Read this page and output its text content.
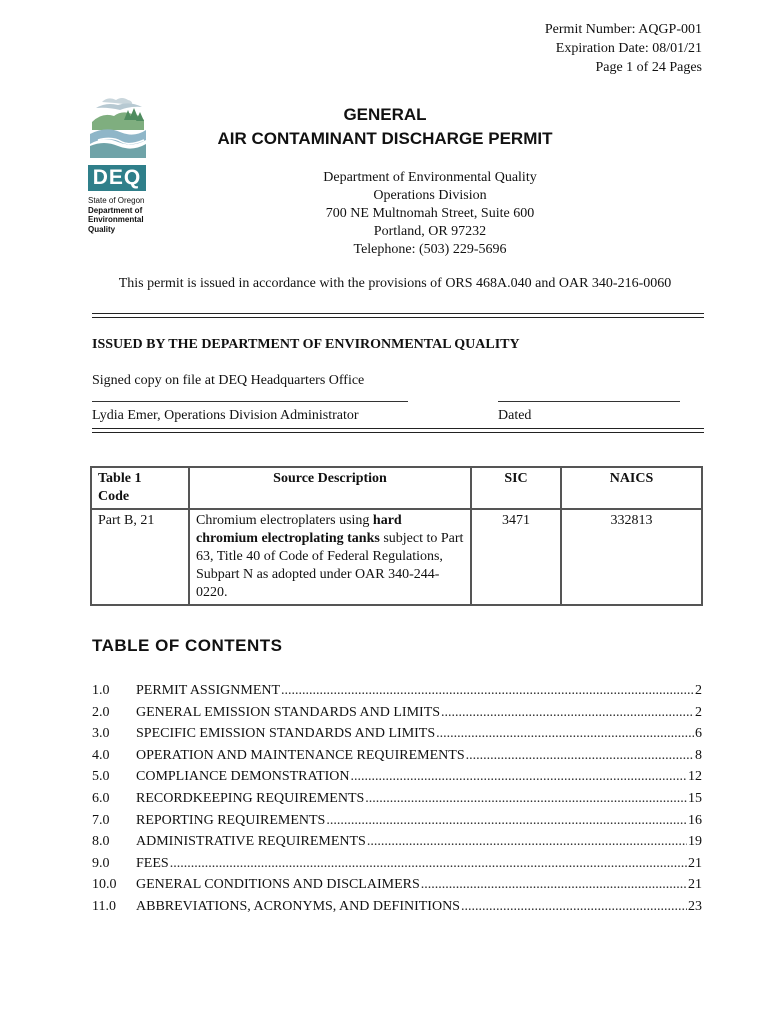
Permit Number: AQGP-001
Expiration Date: 08/01/21
Page 1 of 24 Pages
DEQ
State of Oregon
Department of
Environmental
Quality
GENERAL
AIR CONTAMINANT DISCHARGE PERMIT
Department of Environmental Quality
Operations Division
700 NE Multnomah Street, Suite 600
Portland, OR 97232
Telephone: (503) 229-5696
This permit is issued in accordance with the provisions of ORS 468A.040 and OAR 340-216-0060
ISSUED BY THE DEPARTMENT OF ENVIRONMENTAL QUALITY
Signed copy on file at DEQ Headquarters Office
Lydia Emer, Operations Division Administrator	Dated
Table 1
Code	Source Description	SIC	NAICS
Part B, 21	Chromium electroplaters using hard chromium electroplating tanks subject to Part 63, Title 40 of Code of Federal Regulations, Subpart N as adopted under OAR 340-244-0220.	3471	332813
TABLE OF CONTENTS
1.0	PERMIT ASSIGNMENT .....	2
2.0	GENERAL EMISSION STANDARDS AND LIMITS .....	2
3.0	SPECIFIC EMISSION STANDARDS AND LIMITS .....	6
4.0	OPERATION AND MAINTENANCE REQUIREMENTS .....	8
5.0	COMPLIANCE DEMONSTRATION .....	12
6.0	RECORDKEEPING REQUIREMENTS .....	15
7.0	REPORTING REQUIREMENTS .....	16
8.0	ADMINISTRATIVE REQUIREMENTS .....	19
9.0	FEES .....	21
10.0	GENERAL CONDITIONS AND DISCLAIMERS .....	21
11.0	ABBREVIATIONS, ACRONYMS, AND DEFINITIONS .....	23
